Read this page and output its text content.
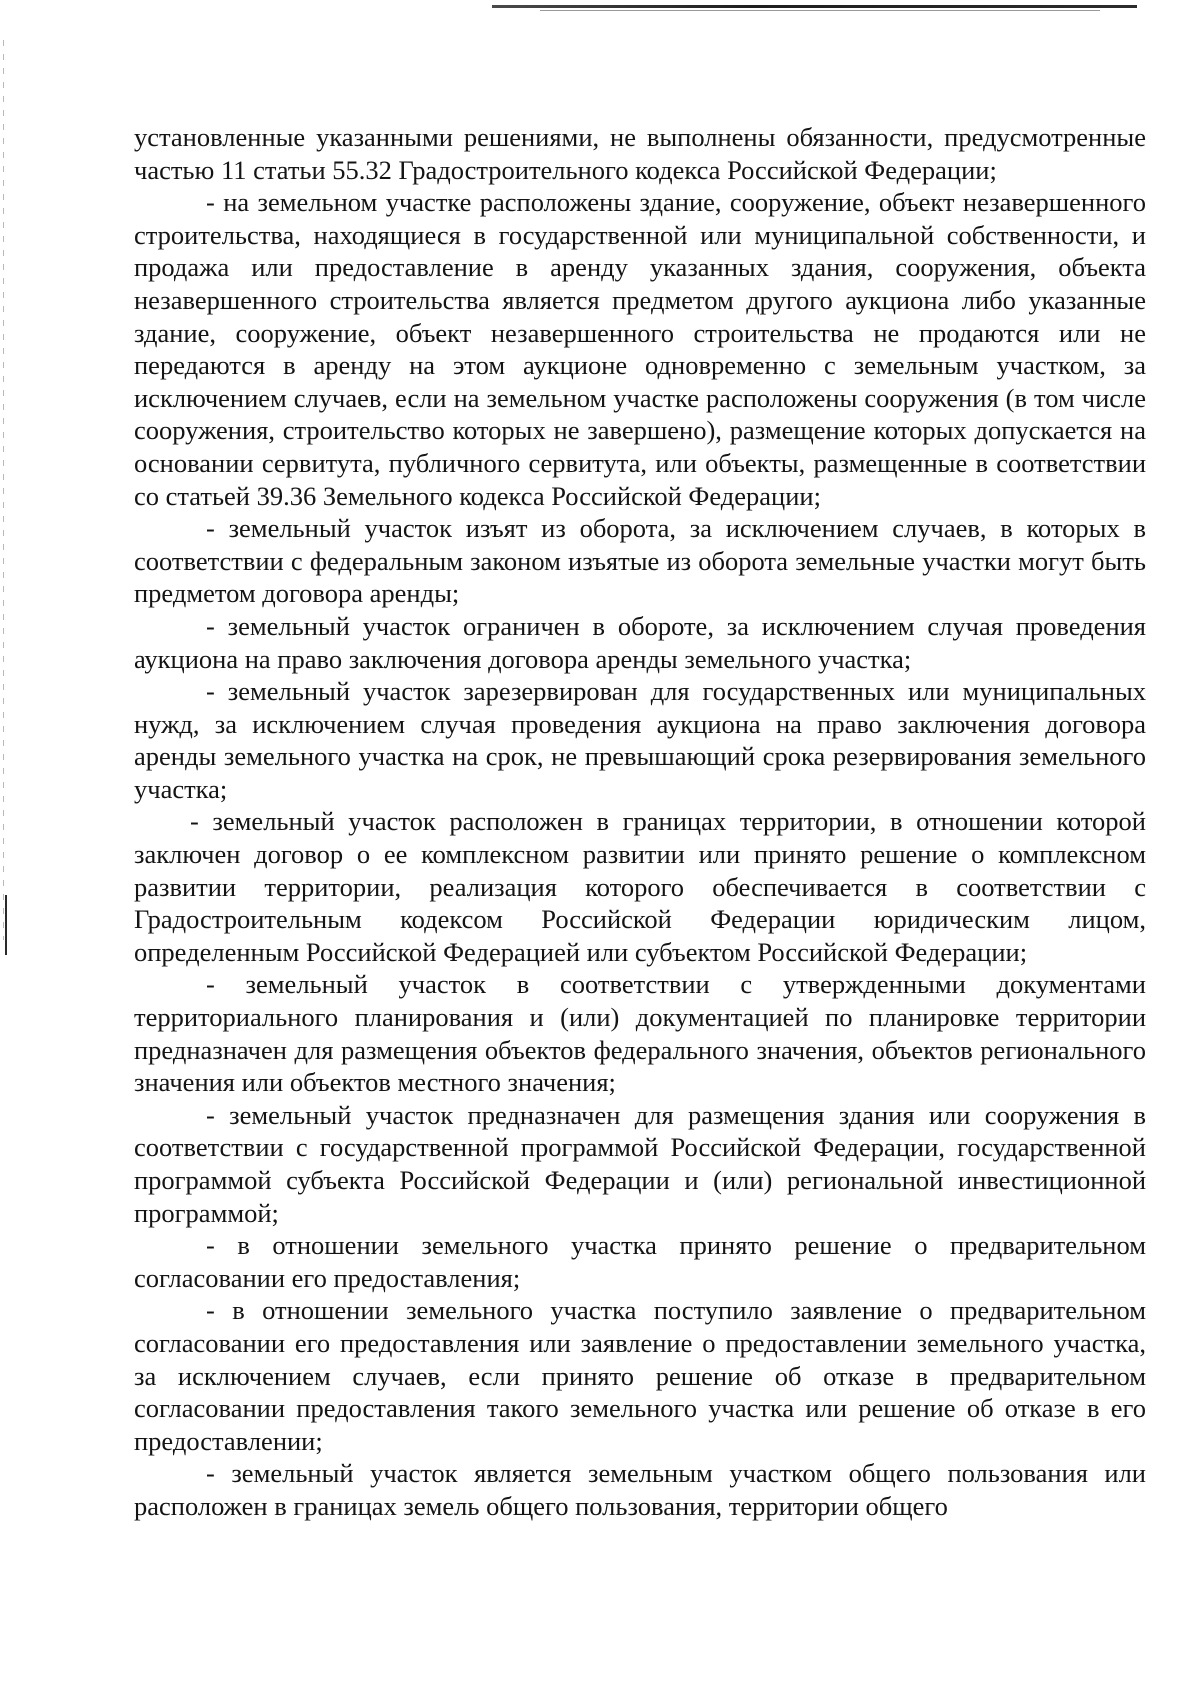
установленные указанными решениями, не выполнены обязанности, предусмотренные частью 11 статьи 55.32 Градостроительного кодекса Российской Федерации;

- на земельном участке расположены здание, сооружение, объект незавершенного строительства, находящиеся в государственной или муниципальной собственности, и продажа или предоставление в аренду указанных здания, сооружения, объекта незавершенного строительства является предметом другого аукциона либо указанные здание, сооружение, объект незавершенного строительства не продаются или не передаются в аренду на этом аукционе одновременно с земельным участком, за исключением случаев, если на земельном участке расположены сооружения (в том числе сооружения, строительство которых не завершено), размещение которых допускается на основании сервитута, публичного сервитута, или объекты, размещенные в соответствии со статьей 39.36 Земельного кодекса Российской Федерации;

- земельный участок изъят из оборота, за исключением случаев, в которых в соответствии с федеральным законом изъятые из оборота земельные участки могут быть предметом договора аренды;

- земельный участок ограничен в обороте, за исключением случая проведения аукциона на право заключения договора аренды земельного участка;

- земельный участок зарезервирован для государственных или муниципальных нужд, за исключением случая проведения аукциона на право заключения договора аренды земельного участка на срок, не превышающий срока резервирования земельного участка;

- земельный участок расположен в границах территории, в отношении которой заключен договор о ее комплексном развитии или принято решение о комплексном развитии территории, реализация которого обеспечивается в соответствии с Градостроительным кодексом Российской Федерации юридическим лицом, определенным Российской Федерацией или субъектом Российской Федерации;

- земельный участок в соответствии с утвержденными документами территориального планирования и (или) документацией по планировке территории предназначен для размещения объектов федерального значения, объектов регионального значения или объектов местного значения;

- земельный участок предназначен для размещения здания или сооружения в соответствии с государственной программой Российской Федерации, государственной программой субъекта Российской Федерации и (или) региональной инвестиционной программой;

- в отношении земельного участка принято решение о предварительном согласовании его предоставления;

- в отношении земельного участка поступило заявление о предварительном согласовании его предоставления или заявление о предоставлении земельного участка, за исключением случаев, если принято решение об отказе в предварительном согласовании предоставления такого земельного участка или решение об отказе в его предоставлении;

- земельный участок является земельным участком общего пользования или расположен в границах земель общего пользования, территории общего
